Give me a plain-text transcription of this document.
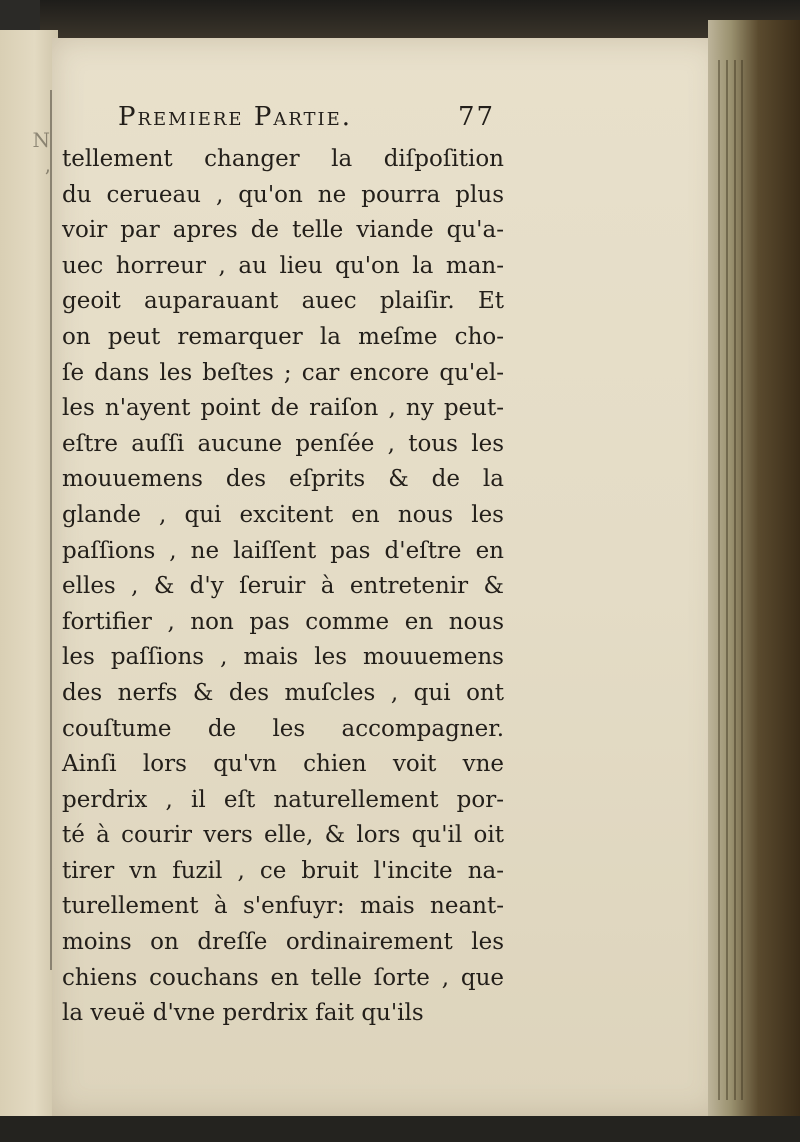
N
ʼ
Premiere Partie.	77
tellement changer la diſpoſition
du cerueau , qu'on ne pourra plus
voir par apres de telle viande qu'a-
uec horreur , au lieu qu'on la man-
geoit auparauant auec plaiſir. Et
on peut remarquer la meſme cho-
ſe dans les beſtes ; car encore qu'el-
les n'ayent point de raiſon , ny peut-
eſtre auſſi aucune penſée , tous les
mouuemens des eſprits & de la
glande , qui excitent en nous les
paſſions , ne laiſſent pas d'eſtre en
elles , & d'y ſeruir à entretenir &
fortifier , non pas comme en nous
les paſſions , mais les mouuemens
des nerfs & des muſcles , qui ont
couſtume de les accompagner.
Ainſi lors qu'vn chien voit vne
perdrix , il eſt naturellement por-
té à courir vers elle, & lors qu'il oit
tirer vn fuzil , ce bruit l'incite na-
turellement à s'enfuyr: mais neant-
moins on dreſſe ordinairement les
chiens couchans en telle ſorte , que
la veuë d'vne perdrix fait qu'ils
